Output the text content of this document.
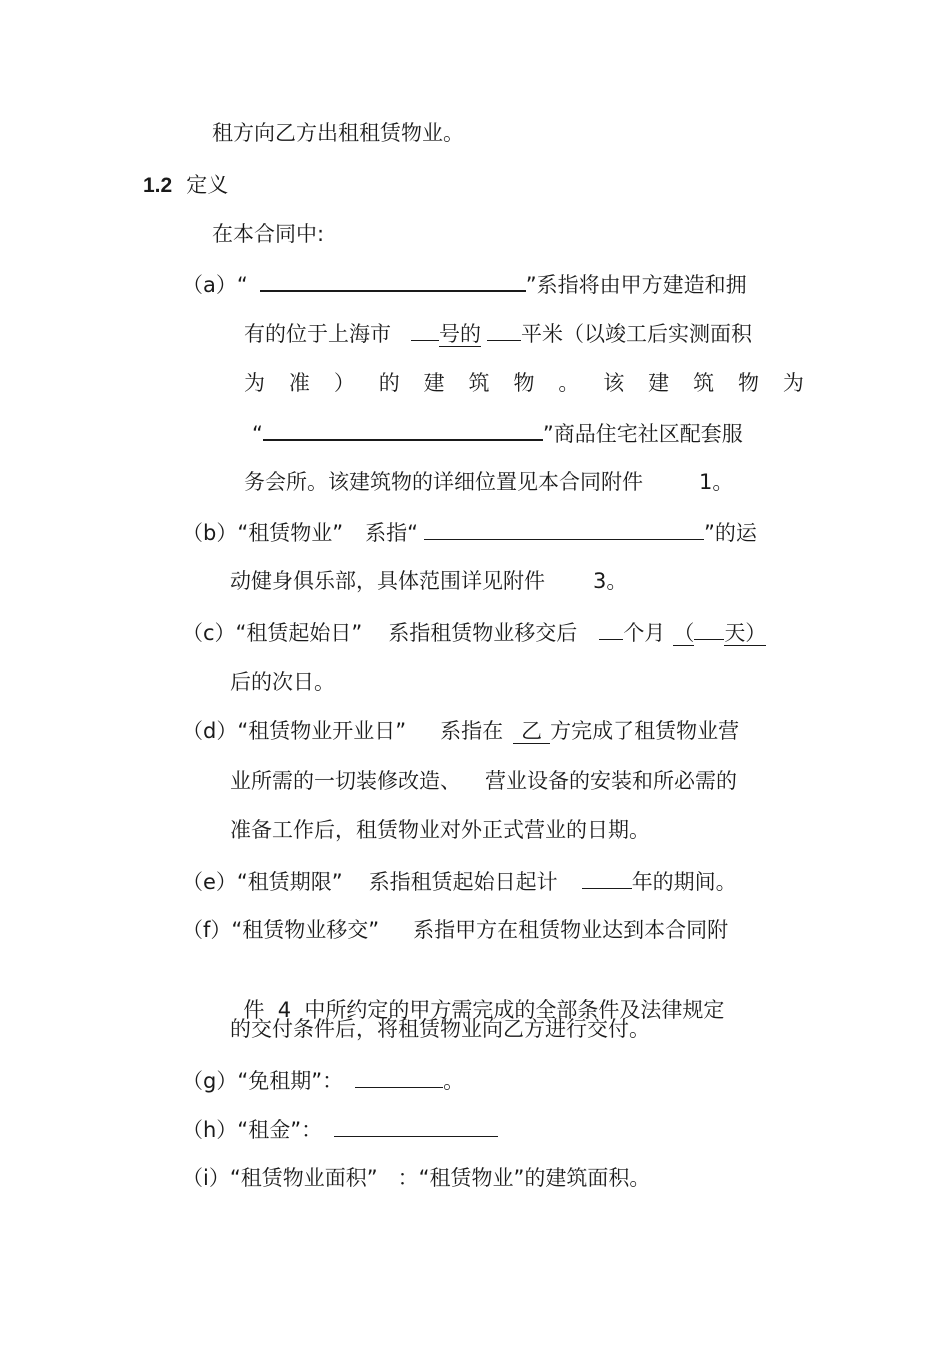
租方向乙方出租租赁物业。
1.2 定义
在本合同中:
（a）“	”系指将由甲方建造和拥
有的位于上海市 号的 平米（以竣工后实测面积
为 准 ） 的 建 筑 物 。 该 建 筑 物 为
“	”商品住宅社区配套服
务会所。该建筑物的详细位置见本合同附件	1。
（b）“租赁物业” 系指“	”的运
动健身俱乐部，具体范围详见附件 3。
（c）“租赁起始日” 系指租赁物业移交后 个月 （ 天）
后的次日。
（d）“租赁物业开业日” 系指在 乙 方完成了租赁物业营
业所需的一切装修改造、 营业设备的安装和所必需的
准备工作后，租赁物业对外正式营业的日期。
（e）“租赁期限” 系指租赁起始日起计	年的期间。
（f）“租赁物业移交” 系指甲方在租赁物业达到本合同附

件  4  中所约定的甲方需完成的全部条件及法律规定

的交付条件后，将租赁物业向乙方进行交付。
（g）“免租期”：	。
（h）“租金”：
（i）“租赁物业面积” ：“租赁物业”的建筑面积。
